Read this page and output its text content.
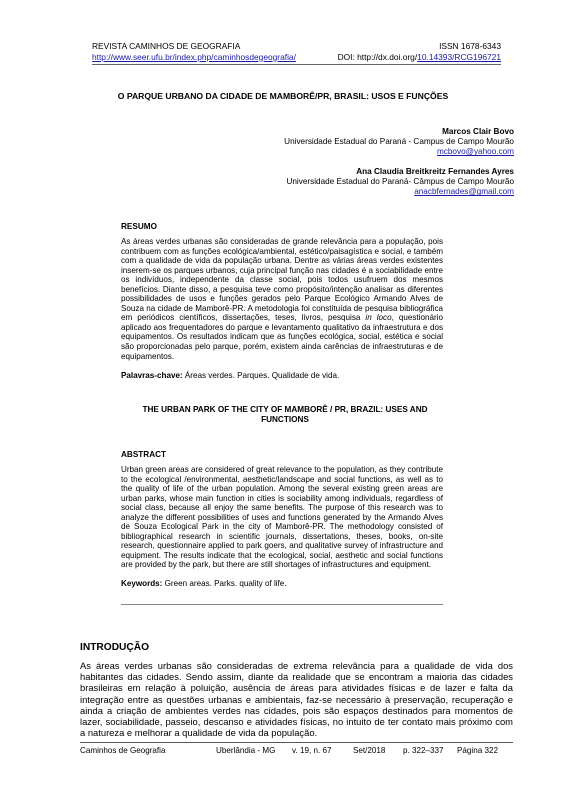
REVISTA CAMINHOS DE GEOGRAFIA
http://www.seer.ufu.br/index.php/caminhosdegeografia/
ISSN 1678-6343
DOI: http://dx.doi.org/10.14393/RCG196721
O PARQUE URBANO DA CIDADE DE MAMBORÊ/PR, BRASIL: USOS E FUNÇÕES
Marcos Clair Bovo
Universidade Estadual do Paraná - Campus de Campo Mourão
mcbovo@yahoo.com
Ana Claudia Breitkreitz Fernandes Ayres
Universidade Estadual do Paraná- Câmpus de Campo Mourão
anacbfernades@gmail.com
RESUMO
As áreas verdes urbanas são consideradas de grande relevância para a população, pois contribuem com as funções ecológica/ambiental, estético/paisagística e social, e também com a qualidade de vida da população urbana. Dentre as várias áreas verdes existentes inserem-se os parques urbanos, cuja principal função nas cidades é a sociabilidade entre os indivíduos, independente da classe social, pois todos usufruem dos mesmos benefícios. Diante disso, a pesquisa teve como propósito/intenção analisar as diferentes possibilidades de usos e funções gerados pelo Parque Ecológico Armando Alves de Souza na cidade de Mamborê-PR. A metodologia foi constituída de pesquisa bibliográfica em periódicos científicos, dissertações, teses, livros, pesquisa in loco, questionário aplicado aos frequentadores do parque e levantamento qualitativo da infraestrutura e dos equipamentos. Os resultados indicam que as funções ecológica, social, estética e social são proporcionadas pelo parque, porém, existem ainda carências de infraestruturas e de equipamentos.
Palavras-chave: Áreas verdes. Parques. Qualidade de vida.
THE URBAN PARK OF THE CITY OF MAMBORÊ / PR, BRAZIL: USES AND FUNCTIONS
ABSTRACT
Urban green areas are considered of great relevance to the population, as they contribute to the ecological /environmental, aesthetic/landscape and social functions, as well as to the quality of life of the urban population. Among the several existing green areas are urban parks, whose main function in cities is sociability among individuals, regardless of social class, because all enjoy the same benefits. The purpose of this research was to analyze the different possibilities of uses and functions generated by the Armando Alves de Souza Ecological Park in the city of Mamborê-PR. The methodology consisted of bibliographical research in scientific journals, dissertations, theses, books, on-site research, questionnaire applied to park goers, and qualitative survey of infrastructure and equipment. The results indicate that the ecological, social, aesthetic and social functions are provided by the park, but there are still shortages of infrastructures and equipment.
Keywords: Green areas. Parks. quality of life.
INTRODUÇÃO
As áreas verdes urbanas são consideradas de extrema relevância para a qualidade de vida dos habitantes das cidades. Sendo assim, diante da realidade que se encontram a maioria das cidades brasileiras em relação à poluição, ausência de áreas para atividades físicas e de lazer e falta da integração entre as questões urbanas e ambientais, faz-se necessário à preservação, recuperação e ainda a criação de ambientes verdes nas cidades, pois são espaços destinados para momentos de lazer, sociabilidade, passeio, descanso e atividades físicas, no intuito de ter contato mais próximo com a natureza e melhorar a qualidade de vida da população.
Caminhos de Geografia	Uberlândia - MG v. 19, n. 67	Set/2018 p. 322–337 Página 322
